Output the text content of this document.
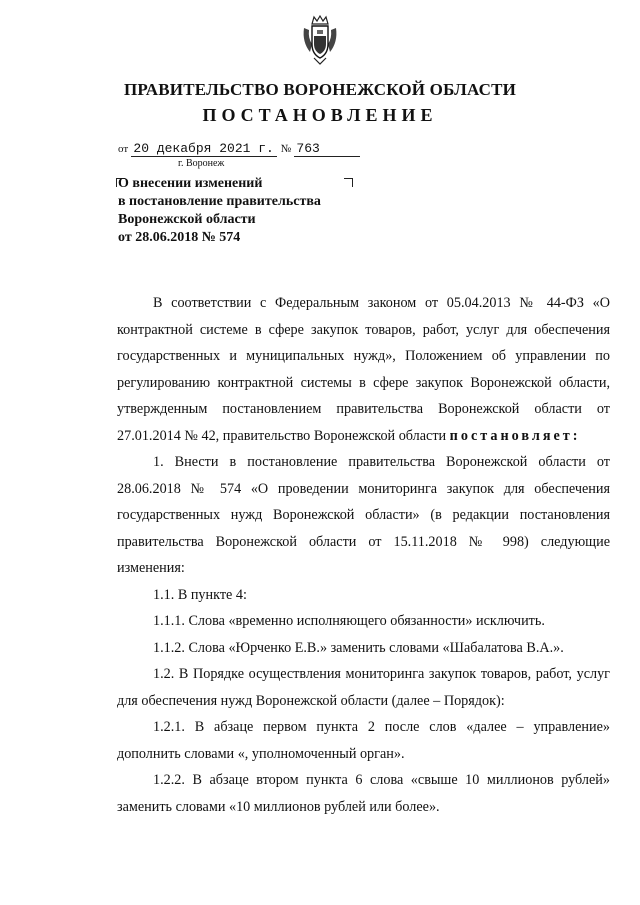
ПРАВИТЕЛЬСТВО ВОРОНЕЖСКОЙ ОБЛАСТИ
ПОСТАНОВЛЕНИЕ
от 20 декабря 2021 г. № 763
г. Воронеж
О внесении изменений
в постановление правительства
Воронежской области
от 28.06.2018 № 574

В соответствии с Федеральным законом от 05.04.2013 № 44-ФЗ «О контрактной системе в сфере закупок товаров, работ, услуг для обеспечения государственных и муниципальных нужд», Положением об управлении по регулированию контрактной системы в сфере закупок Воронежской области, утвержденным постановлением правительства Воронежской области от 27.01.2014 № 42, правительство Воронежской области постановляет:

1. Внести в постановление правительства Воронежской области от 28.06.2018 № 574 «О проведении мониторинга закупок для обеспечения государственных нужд Воронежской области» (в редакции постановления правительства Воронежской области от 15.11.2018 № 998) следующие изменения:

1.1. В пункте 4:

1.1.1. Слова «временно исполняющего обязанности» исключить.

1.1.2. Слова «Юрченко Е.В.» заменить словами «Шабалатова В.А.».

1.2. В Порядке осуществления мониторинга закупок товаров, работ, услуг для обеспечения нужд Воронежской области (далее – Порядок):

1.2.1. В абзаце первом пункта 2 после слов «далее – управление» дополнить словами «, уполномоченный орган».

1.2.2. В абзаце втором пункта 6 слова «свыше 10 миллионов рублей» заменить словами «10 миллионов рублей или более».
